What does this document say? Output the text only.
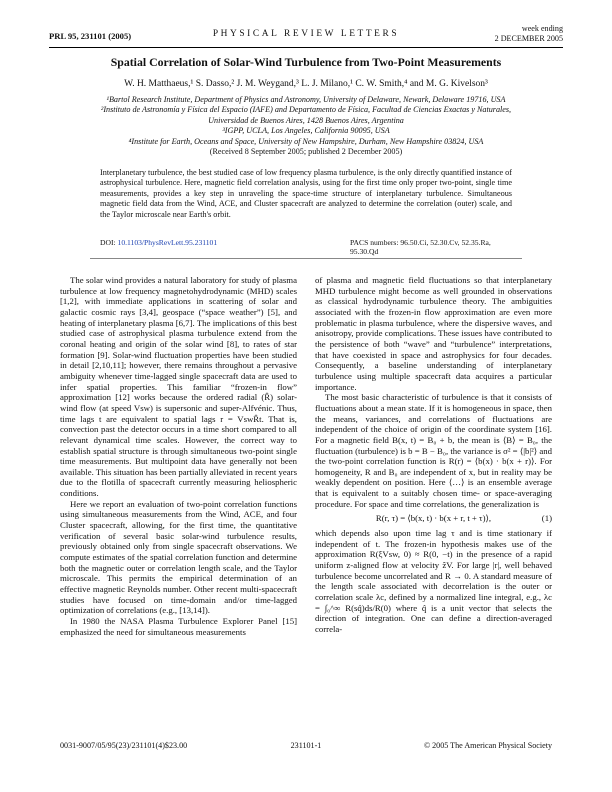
PRL 95, 231101 (2005)	PHYSICAL REVIEW LETTERS
week ending
2 DECEMBER 2005
Spatial Correlation of Solar-Wind Turbulence from Two-Point Measurements
W. H. Matthaeus,¹ S. Dasso,² J. M. Weygand,³ L. J. Milano,¹ C. W. Smith,⁴ and M. G. Kivelson³
¹Bartol Research Institute, Department of Physics and Astronomy, University of Delaware, Newark, Delaware 19716, USA
²Instituto de Astronomía y Física del Espacio (IAFE) and Departamento de Física, Facultad de Ciencias Exactas y Naturales,
Universidad de Buenos Aires, 1428 Buenos Aires, Argentina
³IGPP, UCLA, Los Angeles, California 90095, USA
⁴Institute for Earth, Oceans and Space, University of New Hampshire, Durham, New Hampshire 03824, USA
(Received 8 September 2005; published 2 December 2005)
Interplanetary turbulence, the best studied case of low frequency plasma turbulence, is the only directly quantified instance of astrophysical turbulence. Here, magnetic field correlation analysis, using for the first time only proper two-point, single time measurements, provides a key step in unraveling the space-time structure of interplanetary turbulence. Simultaneous magnetic field data from the Wind, ACE, and Cluster spacecraft are analyzed to determine the correlation (outer) scale, and the Taylor microscale near Earth's orbit.
DOI: 10.1103/PhysRevLett.95.231101	PACS numbers: 96.50.Ci, 52.30.Cv, 52.35.Ra, 95.30.Qd

The solar wind provides a natural laboratory for study of plasma turbulence at low frequency magnetohydrodynamic (MHD) scales [1,2], with immediate applications in scattering of solar and galactic cosmic rays [3,4], geospace (“space weather”) [5], and heating of interplanetary plasma [6,7]. The implications of this best studied case of astrophysical plasma turbulence extend from the coronal heating and origin of the solar wind [8], to rates of star formation [9]. Solar-wind fluctuation properties have been studied in detail [2,10,11]; however, there remains throughout a pervasive ambiguity whenever time-lagged single spacecraft data are used to infer spatial properties. This familiar “frozen-in flow” approximation [12] works because the ordered radial (R̂) solar-wind flow (at speed Vsw) is supersonic and super-Alfvénic. Thus, time lags t are equivalent to spatial lags r = VswR̂t. That is, convection past the detector occurs in a time short compared to all relevant dynamical time scales. However, the correct way to establish spatial structure is through simultaneous two-point single time measurements. But multipoint data have generally not been available. This situation has been partially alleviated in recent years due to the flotilla of spacecraft currently measuring heliospheric conditions.

Here we report an evaluation of two-point correlation functions using simultaneous measurements from the Wind, ACE, and four Cluster spacecraft, allowing, for the first time, the quantitative verification of several basic solar-wind turbulence results, previously obtained only from single spacecraft observations. We compute estimates of the spatial correlation function and determine both the magnetic outer or correlation length scale, and the Taylor microscale. This permits the empirical determination of an effective magnetic Reynolds number. Other recent multi-spacecraft studies have focused on time-domain and/or time-lagged optimization of correlations (e.g., [13,14]).

In 1980 the NASA Plasma Turbulence Explorer Panel [15] emphasized the need for simultaneous measurements

of plasma and magnetic field fluctuations so that interplanetary MHD turbulence might become as well grounded in observations as classical hydrodynamic turbulence theory. The ambiguities associated with the frozen-in flow approximation are even more problematic in plasma turbulence, where the dispersive waves, and anisotropy, provide complications. These issues have contributed to the persistence of both “wave” and “turbulence” interpretations, that have coexisted in space and astrophysics for four decades. Consequently, a baseline understanding of interplanetary turbulence using multiple spacecraft data acquires a particular importance.

The most basic characteristic of turbulence is that it consists of fluctuations about a mean state. If it is homogeneous in space, then the means, variances, and correlations of fluctuations are independent of the choice of origin of the coordinate system [16]. For a magnetic field B(x, t) = B₀ + b, the mean is ⟨B⟩ = B₀, the fluctuation (turbulence) is b = B − B₀, the variance is σ² = ⟨|b|²⟩ and the two-point correlation function is R(r) = ⟨b(x) · b(x + r)⟩. For homogeneity, R and B₀ are independent of x, but in reality may be weakly dependent on position. Here ⟨…⟩ is an ensemble average that is equivalent to a suitably chosen time- or space-averaging procedure. For space and time correlations, the generalization is

R(r, τ) = ⟨b(x, t) · b(x + r, t + τ)⟩,	(1)

which depends also upon time lag τ and is time stationary if independent of t. The frozen-in hypothesis makes use of the approximation R(ξVsw, 0) ≈ R(0, −t) in the presence of a rapid uniform z-aligned flow at velocity ẑV. For large |r|, well behaved turbulence become uncorrelated and R → 0. A standard measure of the length scale associated with decorrelation is the outer or correlation scale λc, defined by a normalized line integral, e.g., λc = ∫₀^∞ R(sq̂)ds/R(0) where q̂ is a unit vector that selects the direction of integration. One can define a direction-averaged correla-

0031-9007/05/95(23)/231101(4)$23.00	231101-1	© 2005 The American Physical Society
